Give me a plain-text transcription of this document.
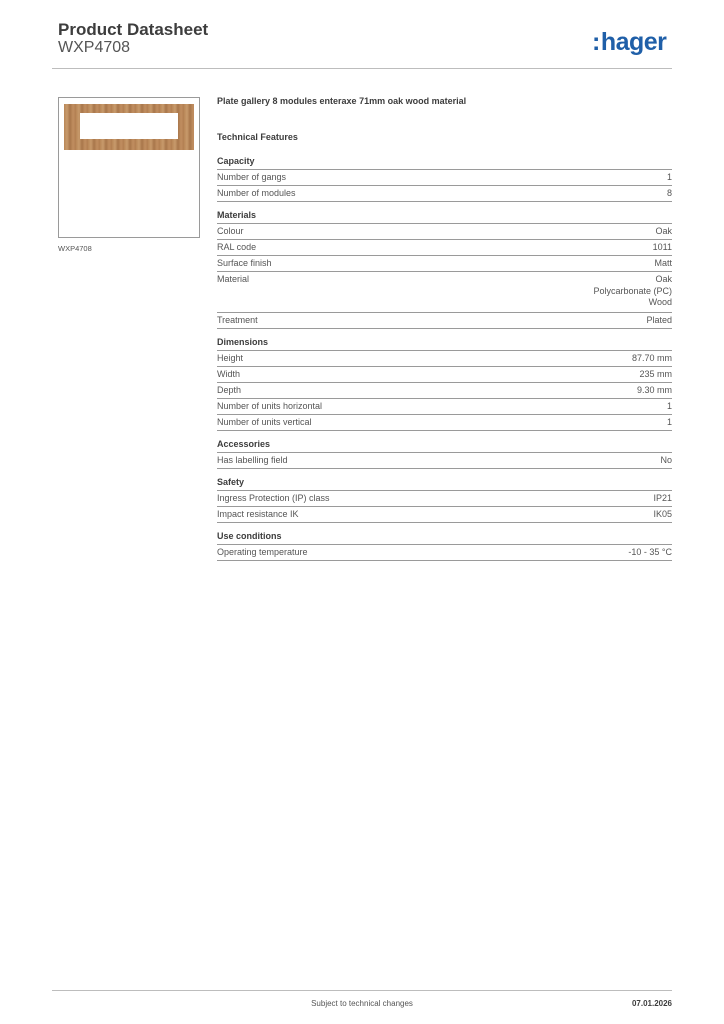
Product Datasheet
WXP4708	:hager
WXP4708
Plate gallery 8 modules enteraxe 71mm oak wood material
Technical Features
Capacity
Number of gangs	1
Number of modules	8
Materials
Colour	Oak
RAL code	1011
Surface finish	Matt
Material	Oak
Polycarbonate (PC)
Wood
Treatment	Plated
Dimensions
Height	87.70 mm
Width	235 mm
Depth	9.30 mm
Number of units horizontal	1
Number of units vertical	1
Accessories
Has labelling field	No
Safety
Ingress Protection (IP) class	IP21
Impact resistance IK	IK05
Use conditions
Operating temperature	-10 - 35 °C
Subject to technical changes	07.01.2026
